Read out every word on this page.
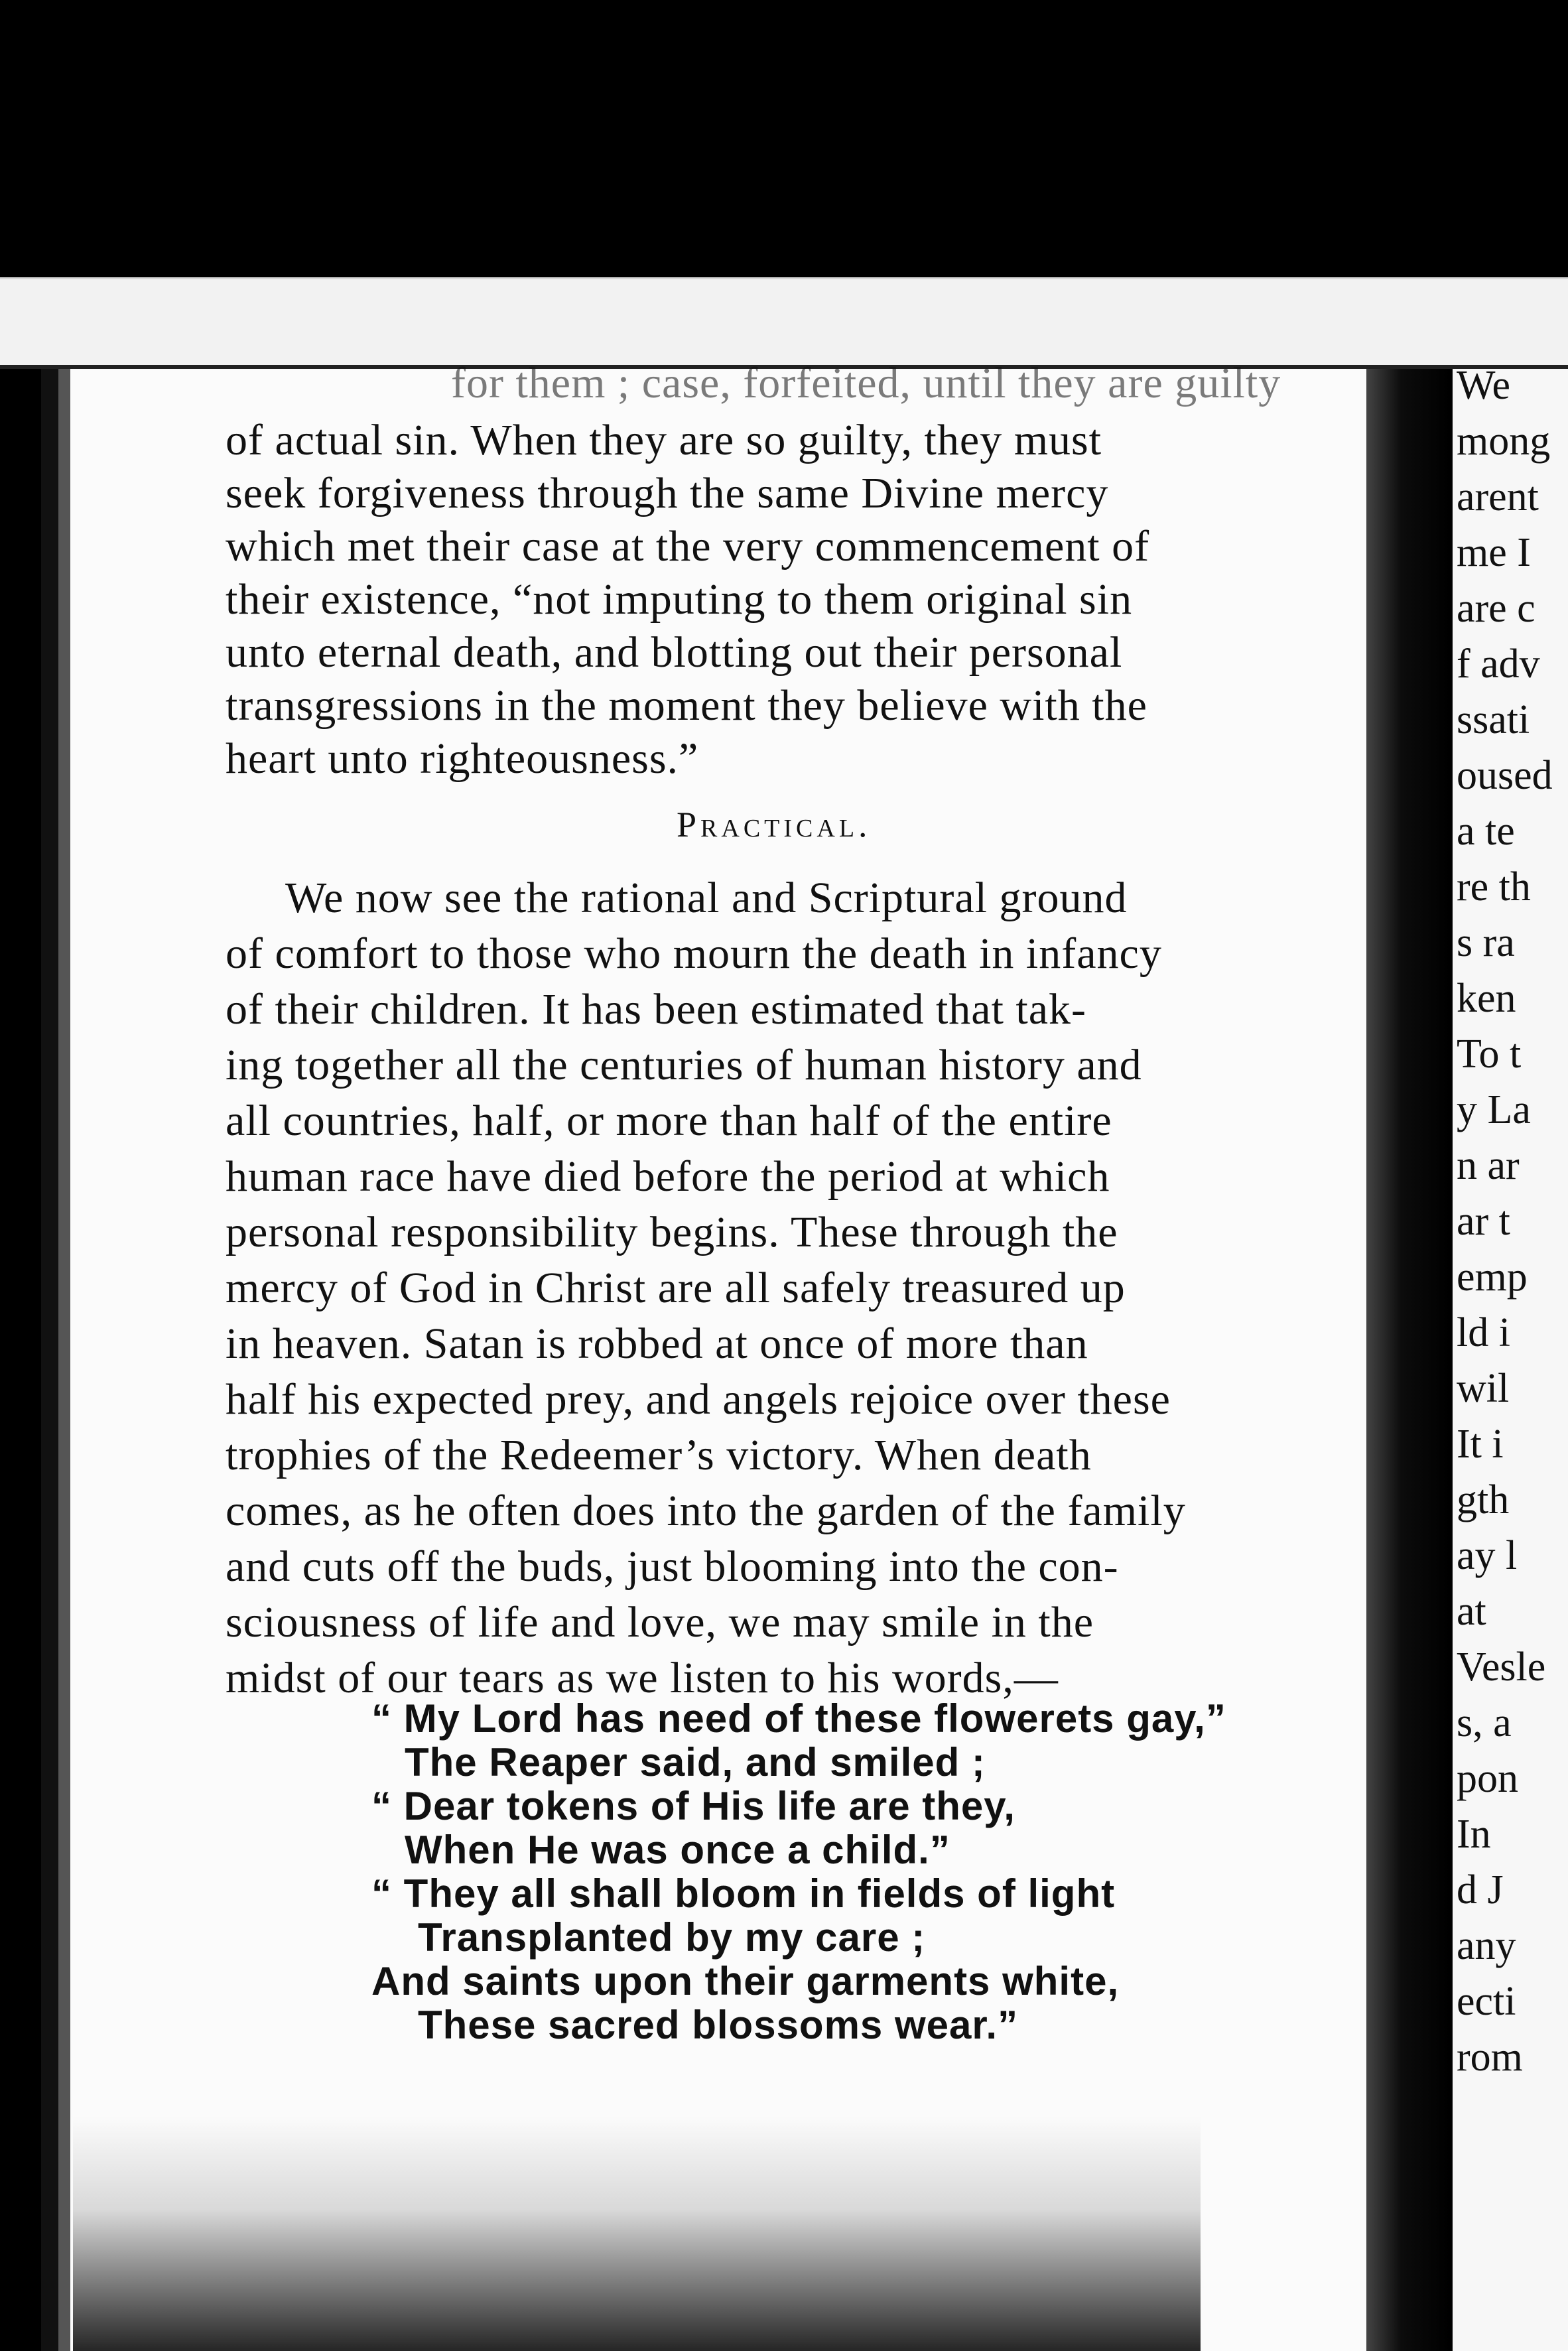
for them ; case, forfeited, until they are guilty
of actual sin. When they are so guilty, they must
seek forgiveness through the same Divine mercy
which met their case at the very commencement of
their existence, “not imputing to them original sin
unto eternal death, and blotting out their personal
transgressions in the moment they believe with the
heart unto righteousness.”
Practical.
We now see the rational and Scriptural ground
of comfort to those who mourn the death in infancy
of their children. It has been estimated that tak-
ing together all the centuries of human history and
all countries, half, or more than half of the entire
human race have died before the period at which
personal responsibility begins. These through the
mercy of God in Christ are all safely treasured up
in heaven. Satan is robbed at once of more than
half his expected prey, and angels rejoice over these
trophies of the Redeemer’s victory. When death
comes, as he often does into the garden of the family
and cuts off the buds, just blooming into the con-
sciousness of life and love, we may smile in the
midst of our tears as we listen to his words,—
“ My Lord has need of these flowerets gay,”
The Reaper said, and smiled ;
“ Dear tokens of His life are they,
When He was once a child.”
“ They all shall bloom in fields of light
Transplanted by my care ;
And saints upon their garments white,
These sacred blossoms wear.”
We
mong
arent
me I
are c
f adv
ssati
oused
a te
re th
s ra
ken
To t
y La
n ar
ar t
emp
ld i
wil
It i
gth
ay l
at
Vesle
s, a
pon
In
d J
any
ecti
rom
